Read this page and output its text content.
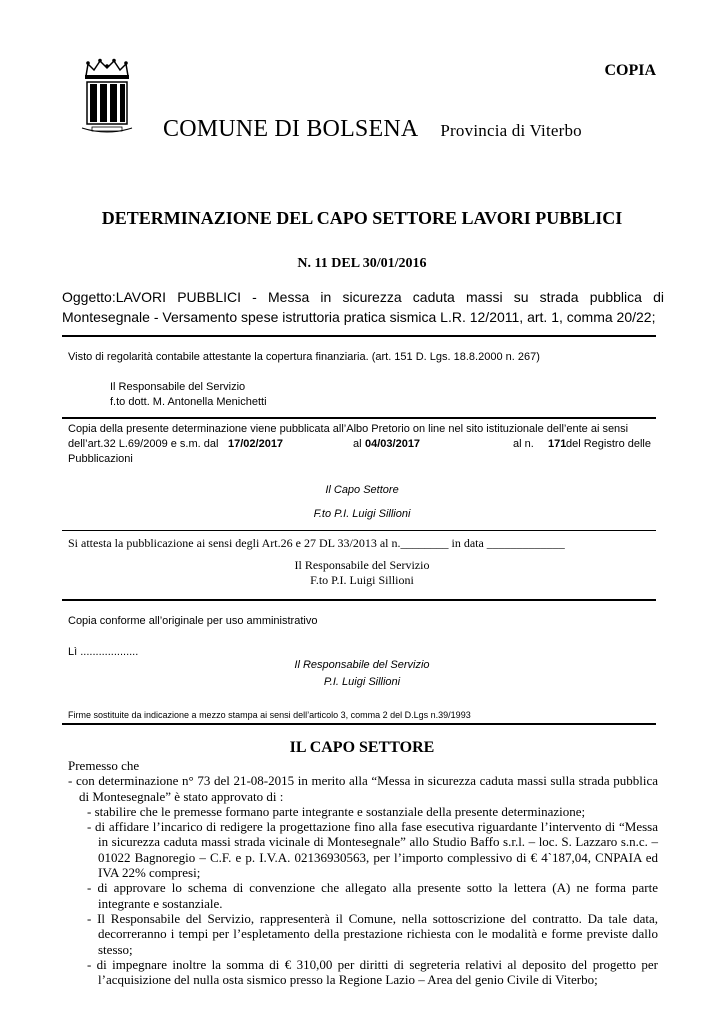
COPIA
COMUNE DI BOLSENA Provincia di Viterbo
DETERMINAZIONE DEL CAPO SETTORE LAVORI PUBBLICI
N. 11 DEL 30/01/2016
Oggetto:LAVORI PUBBLICI - Messa in sicurezza caduta massi su strada pubblica di Montesegnale - Versamento spese istruttoria pratica sismica L.R. 12/2011, art. 1, comma 20/22;
Visto di regolarità contabile attestante la copertura finanziaria. (art. 151 D. Lgs. 18.8.2000 n. 267)
Il Responsabile del Servizio
f.to dott. M. Antonella Menichetti
Copia della presente determinazione viene pubblicata all’Albo Pretorio on line nel sito istituzionale dell’ente ai sensi
dell’art.32 L.69/2009 e s.m. dal 17/02/2017	al 04/03/2017	al n. 171 del Registro delle
Pubblicazioni
Il Capo Settore
F.to P.I. Luigi Sillioni
Si attesta la pubblicazione ai sensi degli Art.26 e 27 DL 33/2013 al n.________ in data _____________
Il Responsabile del Servizio
F.to P.I. Luigi Sillioni
Copia conforme all’originale per uso amministrativo
Lì ...................
Il Responsabile del Servizio
P.I. Luigi Sillioni
Firme sostituite da indicazione a mezzo stampa ai sensi dell’articolo 3, comma 2 del D.Lgs n.39/1993
IL CAPO SETTORE

Premesso che

- con determinazione n° 73 del 21-08-2015 in merito alla “Messa in sicurezza caduta massi sulla strada pubblica di Montesegnale” è stato approvato di :

- stabilire che le premesse formano parte integrante e sostanziale della presente determinazione;

- di affidare l’incarico di redigere la progettazione fino alla fase esecutiva riguardante l’intervento di “Messa in sicurezza caduta massi strada vicinale di Montesegnale” allo Studio Baffo s.r.l. – loc. S. Lazzaro s.n.c. – 01022 Bagnoregio – C.F. e p. I.V.A. 02136930563, per l’importo complessivo di € 4`187,04, CNPAIA ed IVA 22% compresi;

- di approvare lo schema di convenzione che allegato alla presente sotto la lettera (A) ne forma parte integrante e sostanziale.

- Il Responsabile del Servizio, rappresenterà il Comune, nella sottoscrizione del contratto. Da tale data, decorreranno i tempi per l’espletamento della prestazione richiesta con le modalità e forme previste dallo stesso;

- di impegnare inoltre la somma di € 310,00 per diritti di segreteria relativi al deposito del progetto per l’acquisizione del nulla osta sismico presso la Regione Lazio – Area del genio Civile di Viterbo;
